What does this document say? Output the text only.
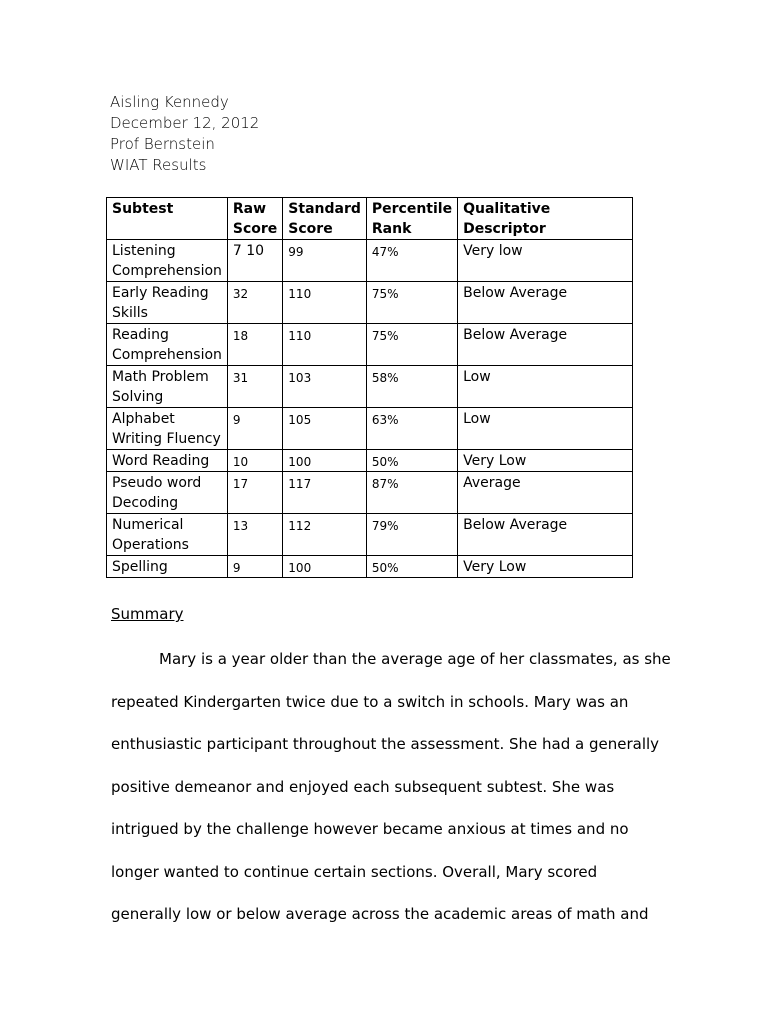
Aisling Kennedy
December 12, 2012
Prof Bernstein
WIAT Results
Subtest	Raw Score	Standard Score	Percentile Rank	Qualitative Descriptor
Listening Comprehension	7 10	99	47%	Very low
Early Reading Skills	32	110	75%	Below Average
Reading Comprehension	18	110	75%	Below Average
Math Problem Solving	31	103	58%	Low
Alphabet Writing Fluency	9	105	63%	Low
Word Reading	10	100	50%	Very Low
Pseudo word Decoding	17	117	87%	Average
Numerical Operations	13	112	79%	Below Average
Spelling	9	100	50%	Very Low
Summary
Mary is a year older than the average age of her classmates, as she
repeated Kindergarten twice due to a switch in schools. Mary was an
enthusiastic participant throughout the assessment. She had a generally
positive demeanor and enjoyed each subsequent subtest. She was
intrigued by the challenge however became anxious at times and no
longer wanted to continue certain sections. Overall, Mary scored
generally low or below average across the academic areas of math and
